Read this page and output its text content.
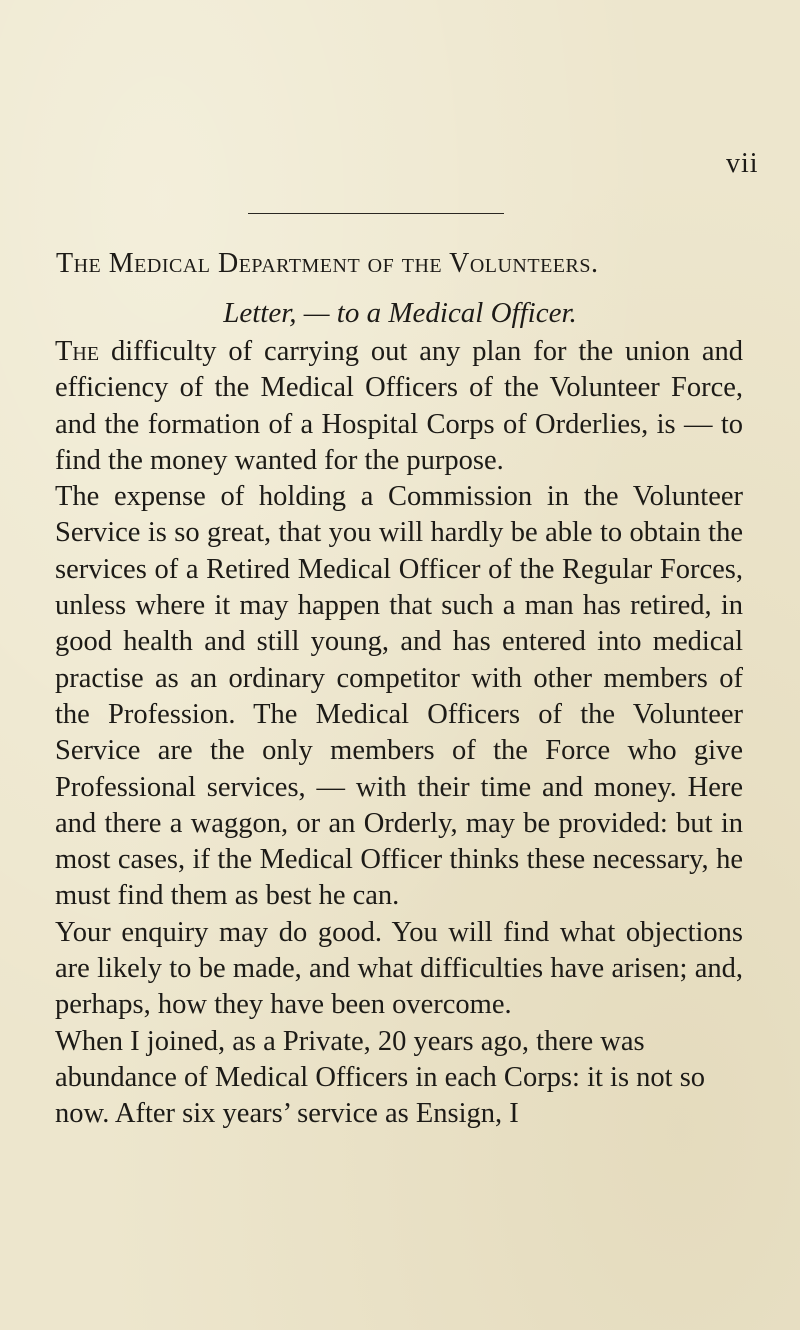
vii
The Medical Department of the Volunteers.
Letter, — to a Medical Officer.

The difficulty of carrying out any plan for the union and efficiency of the Medical Officers of the Volunteer Force, and the formation of a Hospital Corps of Orderlies, is — to find the money wanted for the purpose.

The expense of holding a Commission in the Volunteer Service is so great, that you will hardly be able to obtain the services of a Retired Medical Officer of the Regular Forces, unless where it may happen that such a man has retired, in good health and still young, and has entered into medical practise as an ordinary competitor with other members of the Profession. The Medical Officers of the Volunteer Service are the only members of the Force who give Professional services, — with their time and money. Here and there a waggon, or an Orderly, may be provided: but in most cases, if the Medical Officer thinks these necessary, he must find them as best he can.

Your enquiry may do good. You will find what objections are likely to be made, and what difficulties have arisen; and, perhaps, how they have been overcome.

When I joined, as a Private, 20 years ago, there was abundance of Medical Officers in each Corps: it is not so now. After six years’ service as Ensign, I
